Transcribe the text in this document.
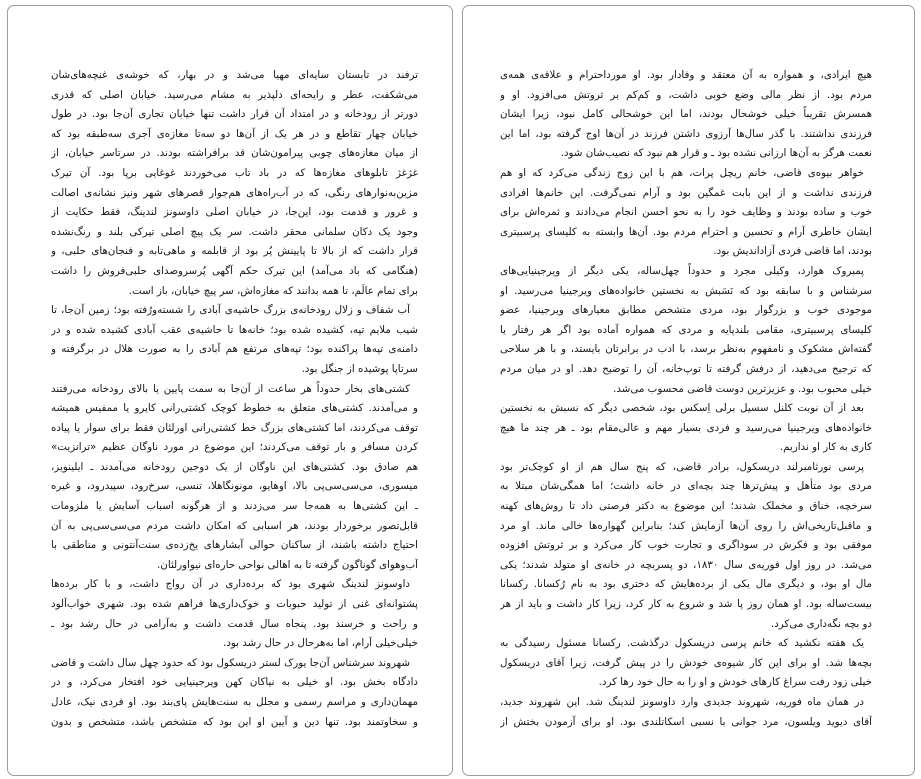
ترفند در تابستان سایه‌ای مهیا می‌شد و در بهار، که خوشه‌ی غنچه‌های‌شان
می‌شکفت، عطر و رایحه‌ای دلپذیر به مشام می‌رسید. خیابان اصلی که قدری
دورتر از رودخانه و در امتداد آن قرار داشت تنها خیابان تجاری آن‌جا بود. در طول
خیابان چهار تقاطع و در هر یک از آن‌ها دو سه‌تا مغازه‌ی آجری سه‌طبقه بود که
از میان مغازه‌های چوبی پیرامون‌شان قد برافراشته بودند. در سرتاسر خیابان، از
غژغژ تابلوهای مغازه‌ها که در باد تاب می‌خوردند غوغایی برپا بود. آن تیرک
مزین‌به‌نوارهای رنگی، که در آب‌راه‌های هم‌جوار قصرهای شهر ونیز نشانه‌ی اصالت
و غرور و قدمت بود، این‌جا، در خیابان اصلی داوسونز لندینگ، فقط حکایت از
وجود یک دکان سلمانی محقر داشت. سر یک پیچ اصلی تیرکی بلند و رنگ‌نشده
قرار داشت که از بالا تا پایینش پُر بود از قابلمه و ماهی‌تابه و فنجان‌های حلبی، و
(هنگامی که باد می‌آمد) این تیرک حکم آگهی پُرسروصدای حلبی‌فروش را داشت
برای تمام عالَم، تا همه بدانند که مغازه‌اش، سر پیچ خیابان، باز است.
آب شفاف و زلال رودخانه‌ی بزرگ حاشیه‌ی آبادی را شسته‌ورُفته بود؛ زمین آن‌جا، تا
شیب ملایم تپه، کشیده شده بود؛ خانه‌ها تا حاشیه‌ی عقب آبادی کشیده شده و در
دامنه‌ی تپه‌ها پراکنده بود؛ تپه‌های مرتفع هم آبادی را به صورت هلال در برگرفته و
سرتاپا پوشیده از جنگل بود.
کشتی‌های بخار حدوداً هر ساعت از آن‌جا به سمت پایین یا بالای رودخانه می‌رفتند
و می‌آمدند. کشتی‌های متعلق به خطوط کوچک کشتی‌رانی کایرو یا ممفیس همیشه
توقف می‌کردند، اما کشتی‌های بزرگ خط کشتی‌رانی اورلئان فقط برای سوار یا پیاده
کردن مسافر و بار توقف می‌کردند؛ این موضوع در مورد ناوگان عظیم «ترانزیت»
هم صادق بود. کشتی‌های این ناوگان از یک دوجین رودخانه می‌آمدند ـ ایلینویز،
میسوری، می‌سی‌سی‌پی بالا، اوهایو، مونونگاهلا، تنسی، سرخ‌رود، سپیدرود، و غیره
ـ این کشتی‌ها به همه‌جا سر می‌زدند و از هرگونه اسباب آسایش یا ملزومات
قابل‌تصور برخوردار بودند، هر اسبابی که امکان داشت مردم می‌سی‌سی‌پی به آن
احتیاج داشته باشند، از ساکنان حوالی آبشارهای یخ‌زده‌ی سنت‌آنتونی و مناطقی با
آب‌وهوای گوناگون گرفته تا به اهالی نواحی حاره‌ای نیواورلئان.
داوسونز لندینگ شهری بود که برده‌داری در آن رواج داشت، و با کار برده‌ها
پشتوانه‌ای غنی از تولید حبوبات و خوک‌داری‌ها فراهم شده بود. شهری خواب‌آلود
و راحت و خرسند بود. پنجاه سال قدمت داشت و به‌آرامی در حال رشد بود ـ
خیلی‌خیلی آرام، اما به‌هرحال در حال رشد بود.
شهروند سرشناس آن‌جا یورک لستر دریسکول بود که حدود چهل سال داشت و قاضی
دادگاه بخش بود. او خیلی به نیاکان کهن ویرجینیایی خود افتخار می‌کرد، و در
مهمان‌داری و مراسم رسمی و مجلل به سنت‌هایش پای‌بند بود. او فردی نیک، عادل
و سخاوتمند بود. تنها دین و آیین او این بود که متشخص باشد، متشخص و بدون
هیچ ایرادی، و همواره به آن معتقد و وفادار بود. او مورداحترام و علاقه‌ی همه‌ی
مردم بود. از نظر مالی وضع خوبی داشت، و کم‌کم بر ثروتش می‌افزود. او و
همسرش تقریباً خیلی خوشحال بودند، اما این خوشحالی کامل نبود، زیرا ایشان
فرزندی نداشتند. با گذر سال‌ها آرزوی داشتن فرزند در آن‌ها اوج گرفته بود، اما این
نعمت هرگز به آن‌ها ارزانی نشده بود ـ و قرار هم نبود که نصیب‌شان شود.
خواهر بیوه‌ی قاضی، خانم ریچل پرات، هم با این زوج زندگی می‌کرد که او هم
فرزندی نداشت و از این بابت غمگین بود و آرام نمی‌گرفت. این خانم‌ها افرادی
خوب و ساده بودند و وظایف خود را به نحو احسن انجام می‌دادند و ثمره‌اش برای
ایشان خاطری آرام و تحسین و احترام مردم بود. آن‌ها وابسته به کلیسای پرسبیتری
بودند، اما قاضی فردی آزاداندیش بود.
پمبروک هوارد، وکیلی مجرد و حدوداً چهل‌ساله، یکی دیگر از ویرجینیایی‌های
سرشناس و با سابقه بود که نَسَبش به نخستین خانواده‌های ویرجینیا می‌رسید. او
موجودی خوب و بزرگوار بود، مردی متشخص مطابق معیارهای ویرجینیا، عضو
کلیسای پرسبیتری، مقامی بلندپایه و مردی که همواره آماده بود اگر هر رفتار یا
گفته‌اش مشکوک و نامفهوم به‌نظر برسد، با ادب در برابرتان بایستد، و با هر سلاحی
که ترجیح می‌دهید، از درفش گرفته تا توپ‌خانه، آن را توضیح دهد. او در میان مردم
خیلی محبوب بود. و عزیزترین دوست قاضی محسوب می‌شد.
بعد از آن نوبت کلنل سسیل برلی اِسکس بود، شخصی دیگر که نسبش به نخستین
خانواده‌های ویرجینیا می‌رسید و فردی بسیار مهم و عالی‌مقام بود ـ هر چند ما هیچ
کاری به کار او نداریم.
پرسی نورثامبرلند دریسکول، برادر قاضی، که پنج سال هم از او کوچک‌تر بود
مردی بود متأهل و پیش‌ترها چند بچه‌ای در خانه داشت؛ اما همگی‌شان مبتلا به
سرخچه، خناق و مخملک شدند؛ این موضوع به دکتر فرصتی داد تا روش‌های کهنه
و ماقبل‌تاریخی‌اش را روی آن‌ها آزمایش کند؛ بنابراین گهواره‌ها خالی ماند. او مرد
موفقی بود و فکرش در سوداگری و تجارت خوب کار می‌کرد و بر ثروتش افزوده
می‌شد. در روز اول فوریه‌ی سال ۱۸۳۰، دو پسربچه در خانه‌ی او متولد شدند؛ یکی
مال او بود، و دیگری مال یکی از برده‌هایش که دختری بود به نام رُکسانا. رکسانا
بیست‌ساله بود. او همان روز پا شد و شروع به کار کرد، زیرا کار داشت و باید از هر
دو بچه نگه‌داری می‌کرد.
یک هفته نکشید که خانم پرسی دریسکول درگذشت. رکسانا مسئول رسیدگی به
بچه‌ها شد. او برای این کار شیوه‌ی خودش را در پیش گرفت، زیرا آقای دریسکول
خیلی زود رفت سراغ کارهای خودش و او را به حال خود رها کرد.
در همان ماه فوریه، شهروند جدیدی وارد داوسونز لندینگ شد. این شهروند جدید،
آقای دیوید ویلسون، مرد جوانی با نسبی اسکاتلندی بود. او برای آزمودن بختش از
